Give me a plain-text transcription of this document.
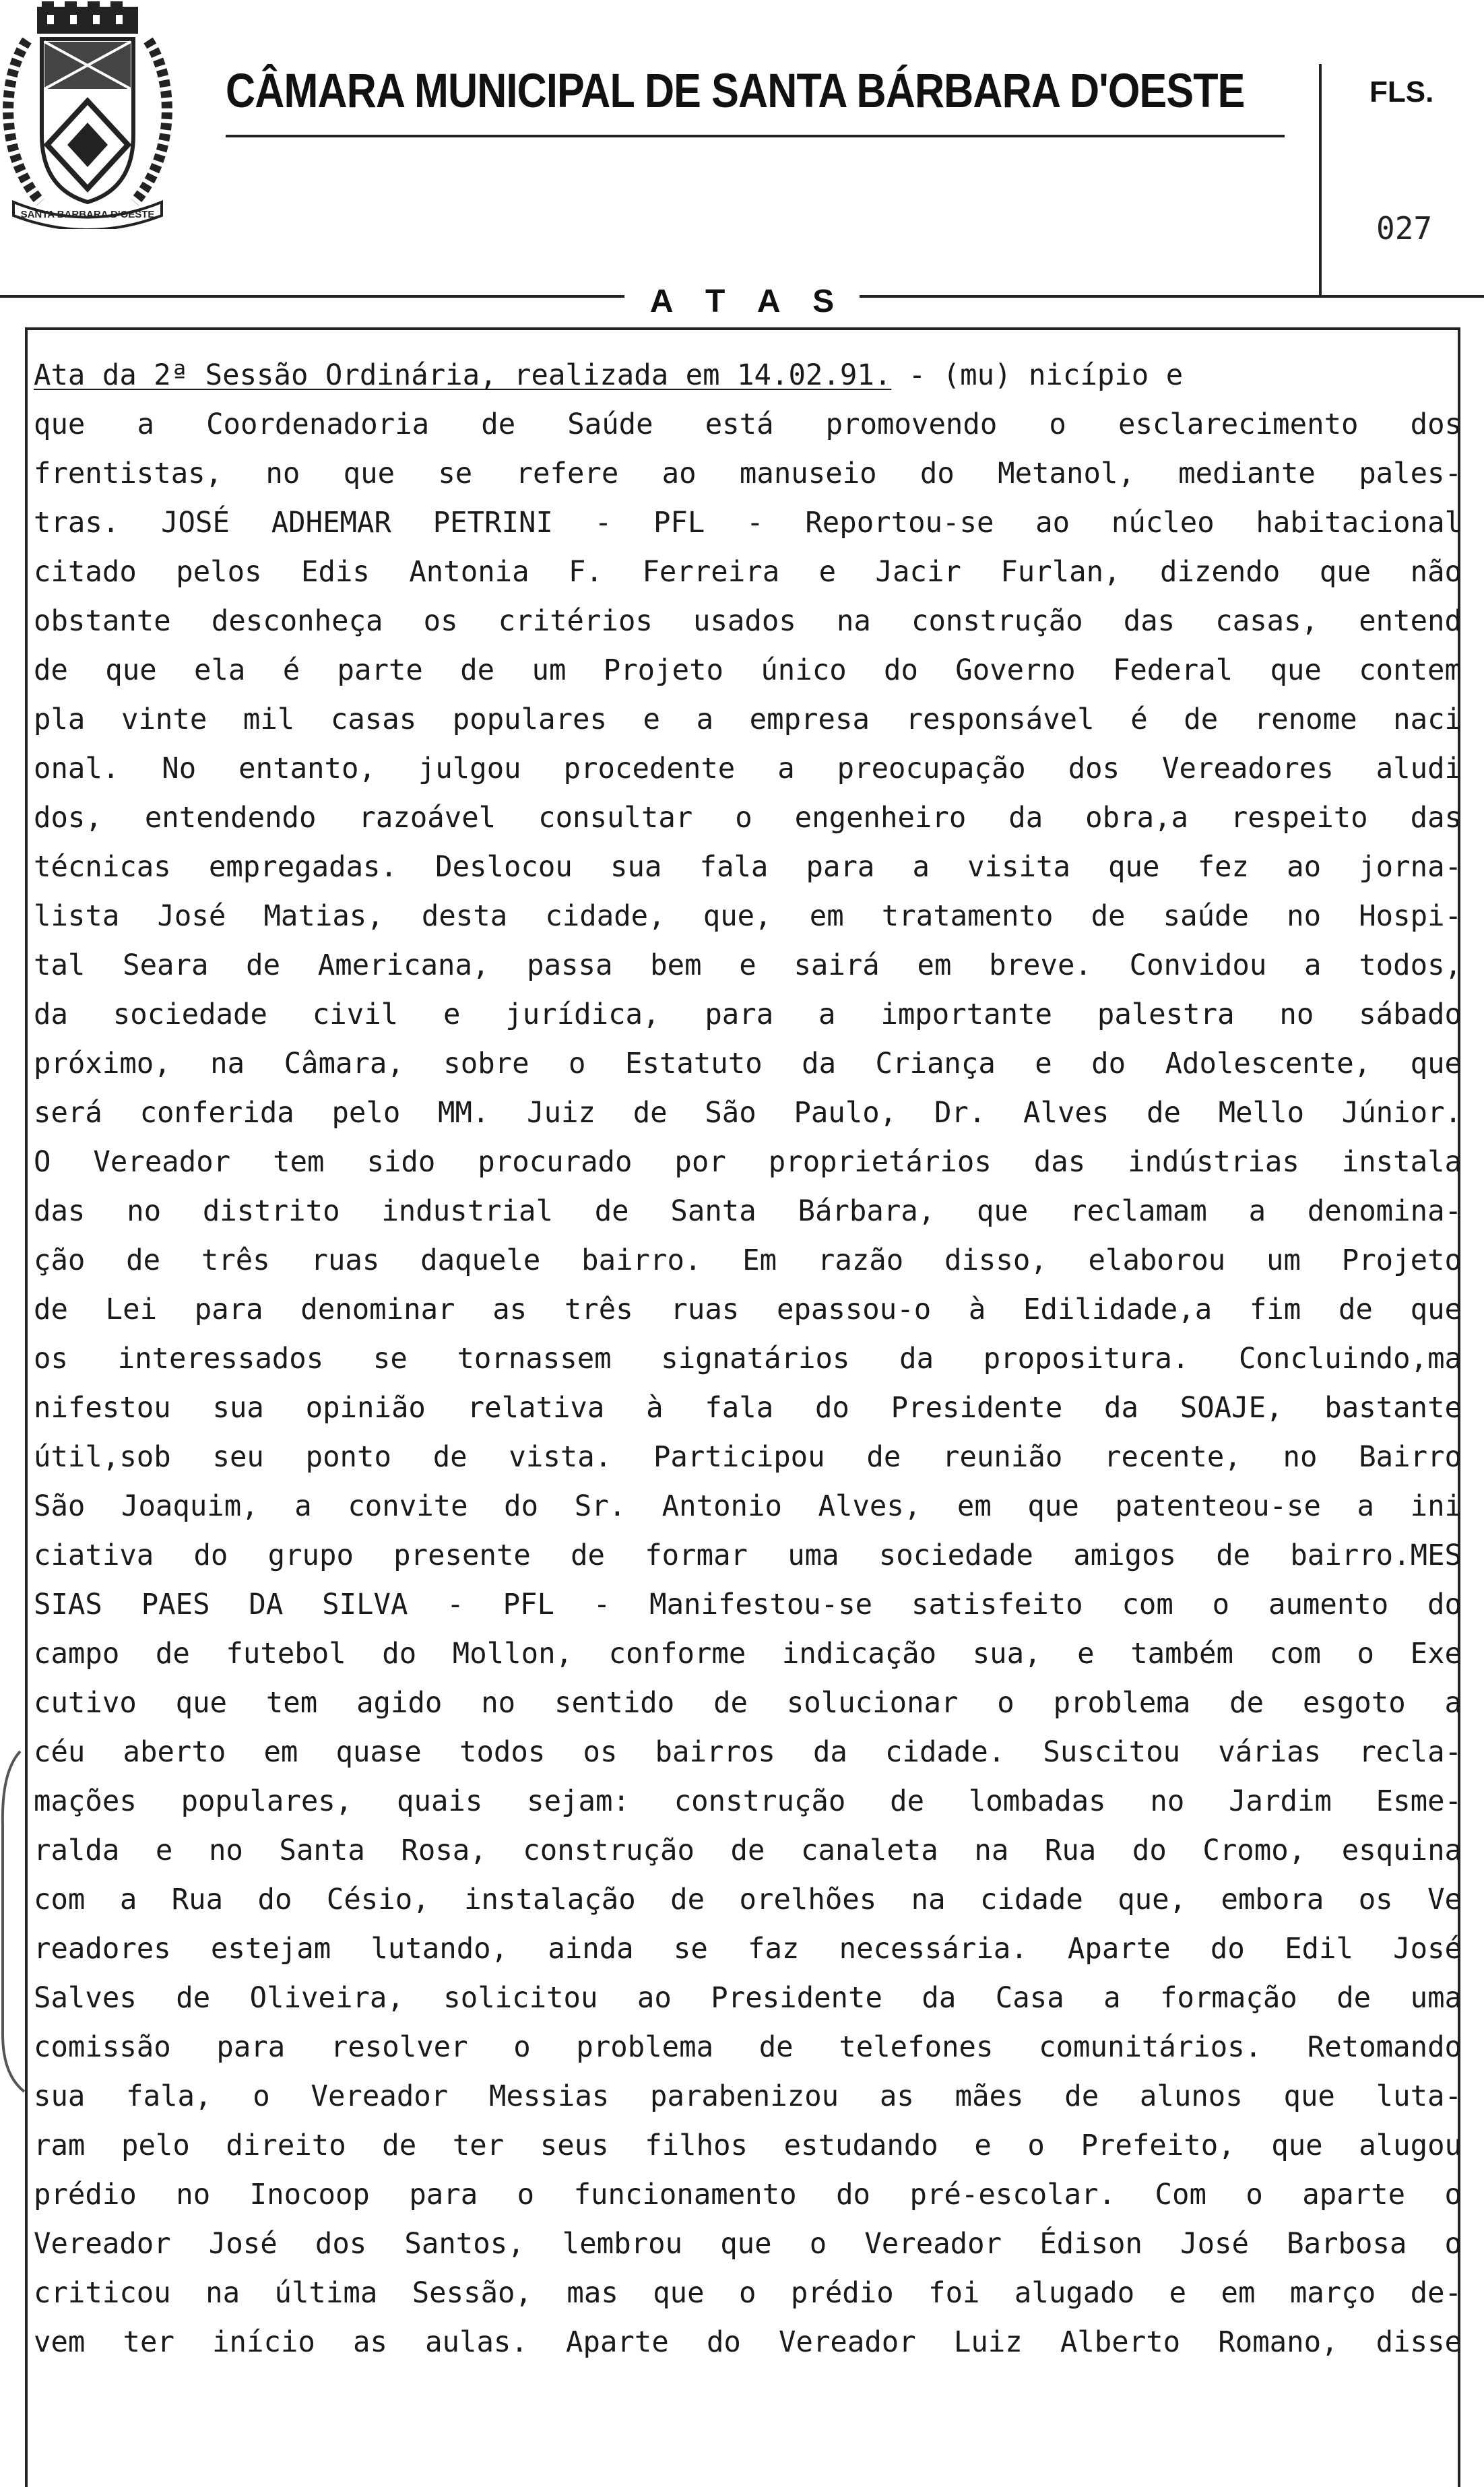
SANTA BARBARA D'OESTE
CÂMARA MUNICIPAL DE SANTA BÁRBARA D'OESTE	FLS.
027
A T A S
Ata da 2ª Sessão Ordinária, realizada em 14.02.91. - (mu) nicípio e
que a Coordenadoria de Saúde está promovendo o esclarecimento dos
frentistas, no que se refere ao manuseio do Metanol, mediante pales-
tras. JOSÉ ADHEMAR PETRINI - PFL - Reportou-se ao núcleo habitacional
citado pelos Edis Antonia F. Ferreira e Jacir Furlan, dizendo que não
obstante desconheça os critérios usados na construção das casas, entend
de que ela é parte de um Projeto único do Governo Federal que contem
pla vinte mil casas populares e a empresa responsável é de renome naci
onal. No entanto, julgou procedente a preocupação dos Vereadores aludi
dos, entendendo razoável consultar o engenheiro da obra,a respeito das
técnicas empregadas. Deslocou sua fala para a visita que fez ao jorna-
lista José Matias, desta cidade, que, em tratamento de saúde no Hospi-
tal Seara de Americana, passa bem e sairá em breve. Convidou a todos,
da sociedade civil e jurídica, para a importante palestra no sábado
próximo, na Câmara, sobre o Estatuto da Criança e do Adolescente, que
será conferida pelo MM. Juiz de São Paulo, Dr. Alves de Mello Júnior.
O Vereador tem sido procurado por proprietários das indústrias instala
das no distrito industrial de Santa Bárbara, que reclamam a denomina-
ção de três ruas daquele bairro. Em razão disso, elaborou um Projeto
de Lei para denominar as três ruas epassou-o à Edilidade,a fim de que
os interessados se tornassem signatários da propositura. Concluindo,ma
nifestou sua opinião relativa à fala do Presidente da SOAJE, bastante
útil,sob seu ponto de vista. Participou de reunião recente, no Bairro
São Joaquim, a convite do Sr. Antonio Alves, em que patenteou-se a ini
ciativa do grupo presente de formar uma sociedade amigos de bairro.MES
SIAS PAES DA SILVA - PFL - Manifestou-se satisfeito com o aumento do
campo de futebol do Mollon, conforme indicação sua, e também com o Exe
cutivo que tem agido no sentido de solucionar o problema de esgoto a
céu aberto em quase todos os bairros da cidade. Suscitou várias recla-
mações populares, quais sejam: construção de lombadas no Jardim Esme-
ralda e no Santa Rosa, construção de canaleta na Rua do Cromo, esquina
com a Rua do Césio, instalação de orelhões na cidade que, embora os Ve
readores estejam lutando, ainda se faz necessária. Aparte do Edil José
Salves de Oliveira, solicitou ao Presidente da Casa a formação de uma
comissão para resolver o problema de telefones comunitários. Retomando
sua fala, o Vereador Messias parabenizou as mães de alunos que luta-
ram pelo direito de ter seus filhos estudando e o Prefeito, que alugou
prédio no Inocoop para o funcionamento do pré-escolar. Com o aparte o
Vereador José dos Santos, lembrou que o Vereador Édison José Barbosa o
criticou na última Sessão, mas que o prédio foi alugado e em março de-
vem ter início as aulas. Aparte do Vereador Luiz Alberto Romano, disse
